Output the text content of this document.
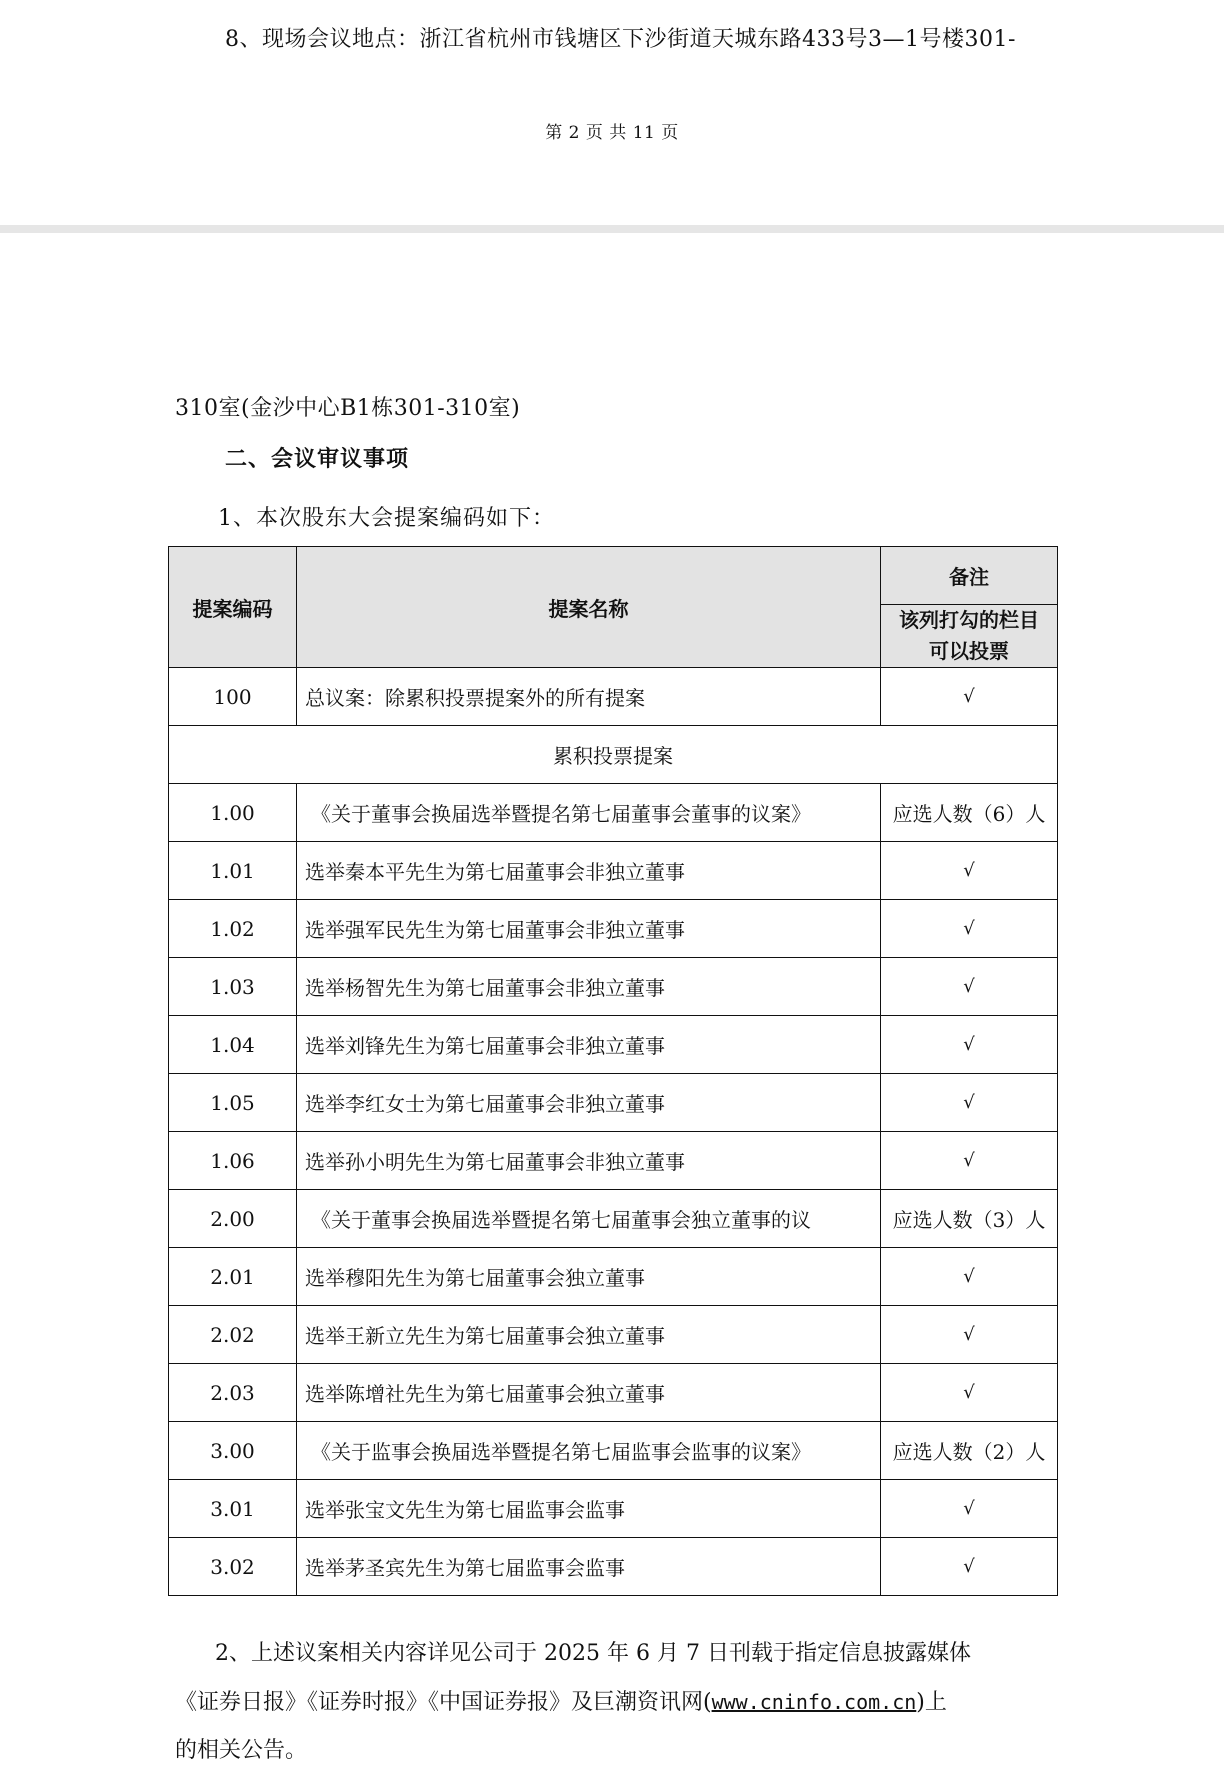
8、现场会议地点：浙江省杭州市钱塘区下沙街道天城东路433号3—1号楼301-
第 2 页 共 11 页
310室(金沙中心B1栋301-310室)
二、会议审议事项
1、本次股东大会提案编码如下：
提案编码	提案名称	备注
		该列打勾的栏目
可以投票
100	总议案：除累积投票提案外的所有提案	√
累积投票提案		
1.00	《关于董事会换届选举暨提名第七届董事会董事的议案》	应选人数（6）人
1.01	选举秦本平先生为第七届董事会非独立董事	√
1.02	选举强军民先生为第七届董事会非独立董事	√
1.03	选举杨智先生为第七届董事会非独立董事	√
1.04	选举刘锋先生为第七届董事会非独立董事	√
1.05	选举李红女士为第七届董事会非独立董事	√
1.06	选举孙小明先生为第七届董事会非独立董事	√
2.00	《关于董事会换届选举暨提名第七届董事会独立董事的议	应选人数（3）人
2.01	选举穆阳先生为第七届董事会独立董事	√
2.02	选举王新立先生为第七届董事会独立董事	√
2.03	选举陈增社先生为第七届董事会独立董事	√
3.00	《关于监事会换届选举暨提名第七届监事会监事的议案》	应选人数（2）人
3.01	选举张宝文先生为第七届监事会监事	√
3.02	选举茅圣宾先生为第七届监事会监事	√
2、上述议案相关内容详见公司于 2025 年 6 月 7 日刊载于指定信息披露媒体
《证券日报》《证券时报》《中国证券报》及巨潮资讯网(www.cninfo.com.cn)上
的相关公告。
